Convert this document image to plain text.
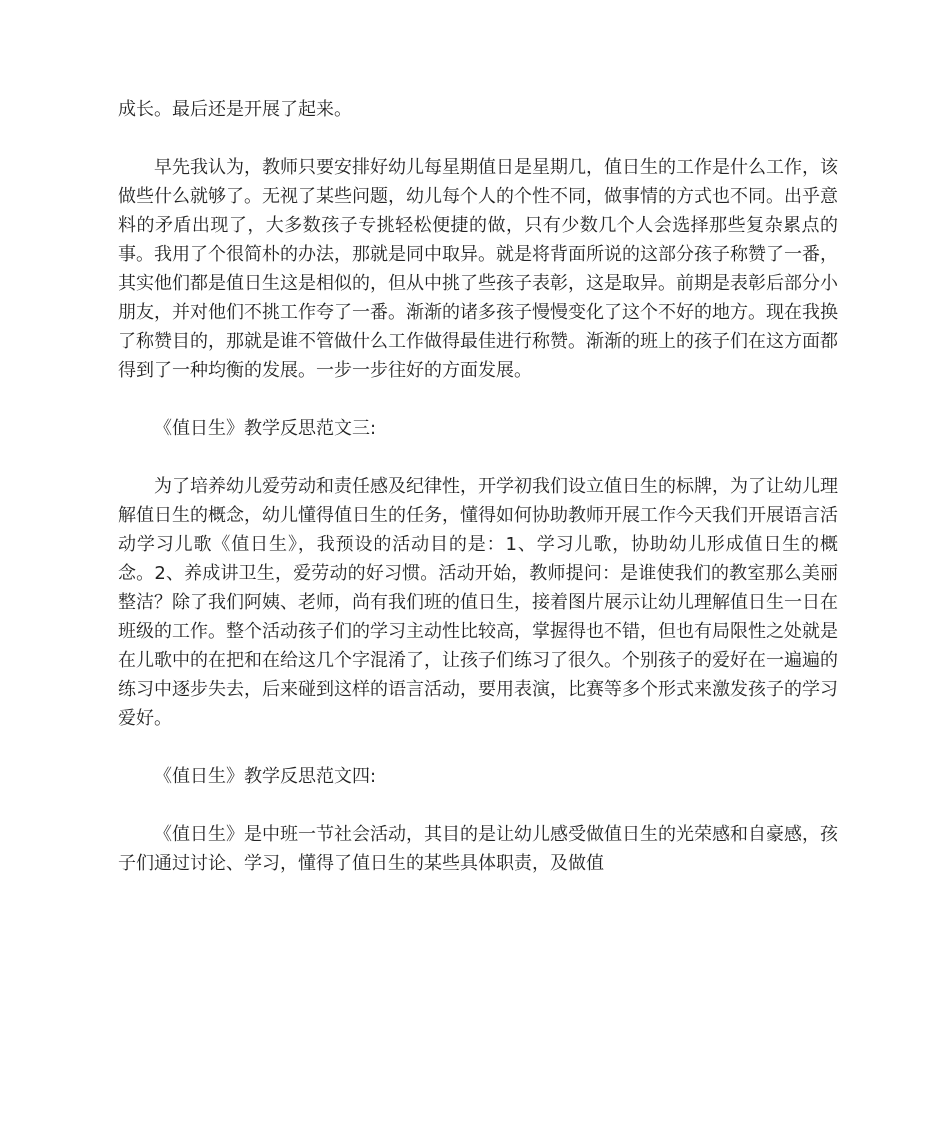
成长。最后还是开展了起来。

早先我认为，教师只要安排好幼儿每星期值日是星期几，值日生的工作是什么工作，该做些什么就够了。无视了某些问题，幼儿每个人的个性不同，做事情的方式也不同。出乎意料的矛盾出现了，大多数孩子专挑轻松便捷的做，只有少数几个人会选择那些复杂累点的事。我用了个很简朴的办法，那就是同中取异。就是将背面所说的这部分孩子称赞了一番，其实他们都是值日生这是相似的，但从中挑了些孩子表彰，这是取异。前期是表彰后部分小朋友，并对他们不挑工作夸了一番。渐渐的诸多孩子慢慢变化了这个不好的地方。现在我换了称赞目的，那就是谁不管做什么工作做得最佳进行称赞。渐渐的班上的孩子们在这方面都得到了一种均衡的发展。一步一步往好的方面发展。

《值日生》教学反思范文三:

为了培养幼儿爱劳动和责任感及纪律性，开学初我们设立值日生的标牌，为了让幼儿理解值日生的概念，幼儿懂得值日生的任务，懂得如何协助教师开展工作今天我们开展语言活动学习儿歌《值日生》，我预设的活动目的是：1、学习儿歌，协助幼儿形成值日生的概念。2、养成讲卫生，爱劳动的好习惯。活动开始，教师提问：是谁使我们的教室那么美丽整洁？除了我们阿姨、老师，尚有我们班的值日生，接着图片展示让幼儿理解值日生一日在班级的工作。整个活动孩子们的学习主动性比较高，掌握得也不错，但也有局限性之处就是在儿歌中的在把和在给这几个字混淆了，让孩子们练习了很久。个别孩子的爱好在一遍遍的练习中逐步失去，后来碰到这样的语言活动，要用表演，比赛等多个形式来激发孩子的学习爱好。

《值日生》教学反思范文四:

《值日生》是中班一节社会活动，其目的是让幼儿感受做值日生的光荣感和自豪感，孩子们通过讨论、学习，懂得了值日生的某些具体职责，及做值
